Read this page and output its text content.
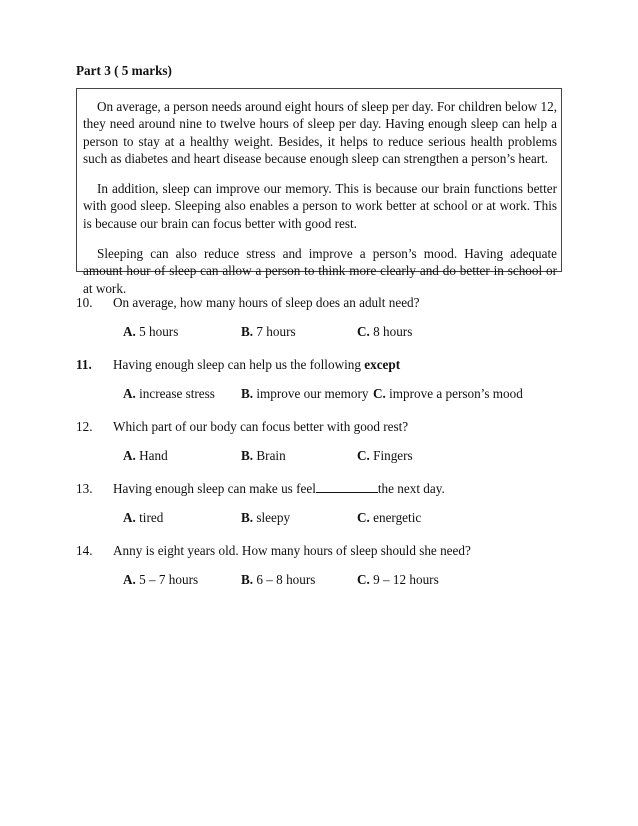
Part 3 ( 5 marks)

On average, a person needs around eight hours of sleep per day. For children below 12, they need around nine to twelve hours of sleep per day. Having enough sleep can help a person to stay at a healthy weight. Besides, it helps to reduce serious health problems such as diabetes and heart disease because enough sleep can strengthen a person’s heart.

In addition, sleep can improve our memory. This is because our brain functions better with good sleep. Sleeping also enables a person to work better at school or at work. This is because our brain can focus better with good rest.

Sleeping can also reduce stress and improve a person’s mood. Having adequate amount hour of sleep can allow a person to think more clearly and do better in school or at work.

10.	On average, how many hours of sleep does an adult need?
A. 5 hours	B. 7 hours	C. 8 hours
11.	Having enough sleep can help us the following except
A. increase stress B. improve our memory C. improve a person’s mood
12.	Which part of our body can focus better with good rest?
A. Hand	B. Brain	C. Fingers
13.	Having enough sleep can make us feel	the next day.
A. tired	B. sleepy	C. energetic
14.	Anny is eight years old. How many hours of sleep should she need?
A. 5 – 7 hours	B. 6 – 8 hours	C. 9 – 12 hours
